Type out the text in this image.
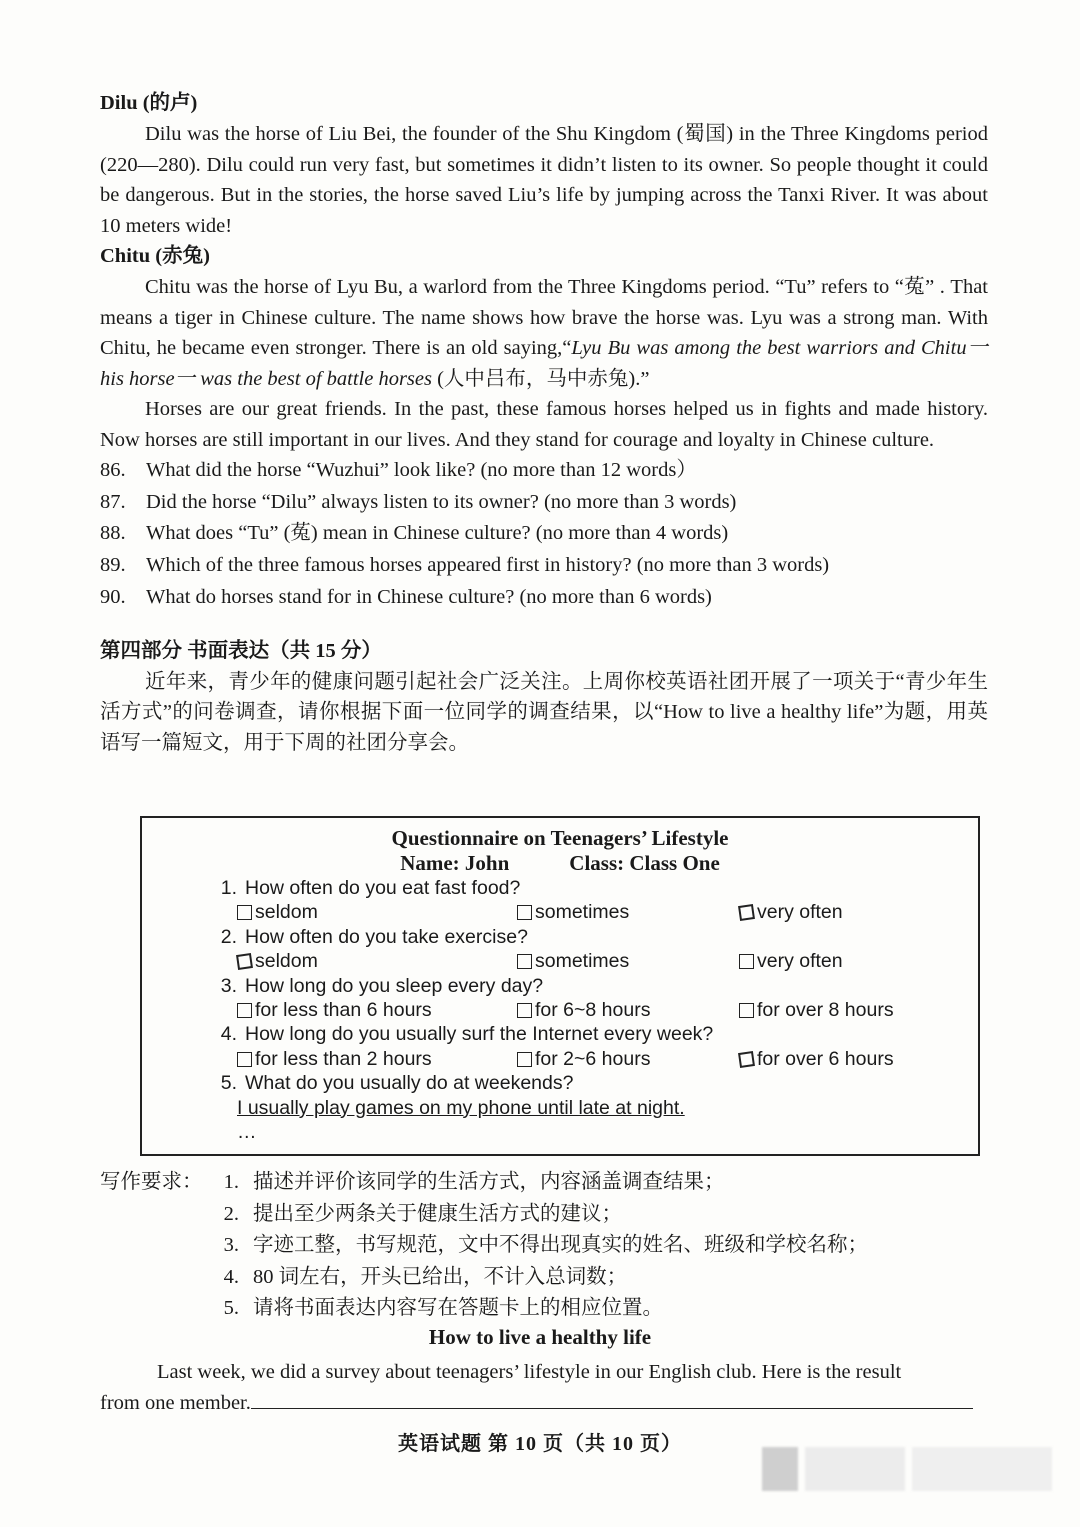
Dilu (的卢)

Dilu was the horse of Liu Bei, the founder of the Shu Kingdom (蜀国) in the Three Kingdoms period (220—280). Dilu could run very fast, but sometimes it didn’t listen to its owner. So people thought it could be dangerous. But in the stories, the horse saved Liu’s life by jumping across the Tanxi River. It was about 10 meters wide!

Chitu (赤兔)

Chitu was the horse of Lyu Bu, a warlord from the Three Kingdoms period. “Tu” refers to “菟” . That means a tiger in Chinese culture. The name shows how brave the horse was. Lyu was a strong man. With Chitu, he became even stronger. There is an old saying,“Lyu Bu was among the best warriors and Chitu一 his horse一 was the best of battle horses (人中吕布，马中赤兔).”

Horses are our great friends. In the past, these famous horses helped us in fights and made history. Now horses are still important in our lives. And they stand for courage and loyalty in Chinese culture.

86. What did the horse “Wuzhui” look like? (no more than 12 words）
87. Did the horse “Dilu” always listen to its owner? (no more than 3 words)
88. What does “Tu” (菟) mean in Chinese culture? (no more than 4 words)
89. Which of the three famous horses appeared first in history? (no more than 3 words)
90. What do horses stand for in Chinese culture? (no more than 6 words)
第四部分 书面表达（共 15 分）

近年来，青少年的健康问题引起社会广泛关注。上周你校英语社团开展了一项关于“青少年生活方式”的问卷调查，请你根据下面一位同学的调查结果，以“How to live a healthy life”为题，用英语写一篇短文，用于下周的社团分享会。

Questionnaire on Teenagers’ Lifestyle
Name: John	Class: Class One
1. How often do you eat fast food?
seldom	sometimes	very often
2. How often do you take exercise?
seldom	sometimes	very often
3. How long do you sleep every day?
for less than 6 hours	for 6~8 hours	for over 8 hours
4. How long do you usually surf the Internet every week?
for less than 2 hours	for 2~6 hours	for over 6 hours
5. What do you usually do at weekends?
I usually play games on my phone until late at night.
…
写作要求：	1. 描述并评价该同学的生活方式，内容涵盖调查结果；
2. 提出至少两条关于健康生活方式的建议；
3. 字迹工整，书写规范，文中不得出现真实的姓名、班级和学校名称；
4. 80 词左右，开头已给出，不计入总词数；
5. 请将书面表达内容写在答题卡上的相应位置。
How to live a healthy life
Last week, we did a survey about teenagers’ lifestyle in our English club. Here is the result
from one member.
英语试题 第 10 页（共 10 页）
